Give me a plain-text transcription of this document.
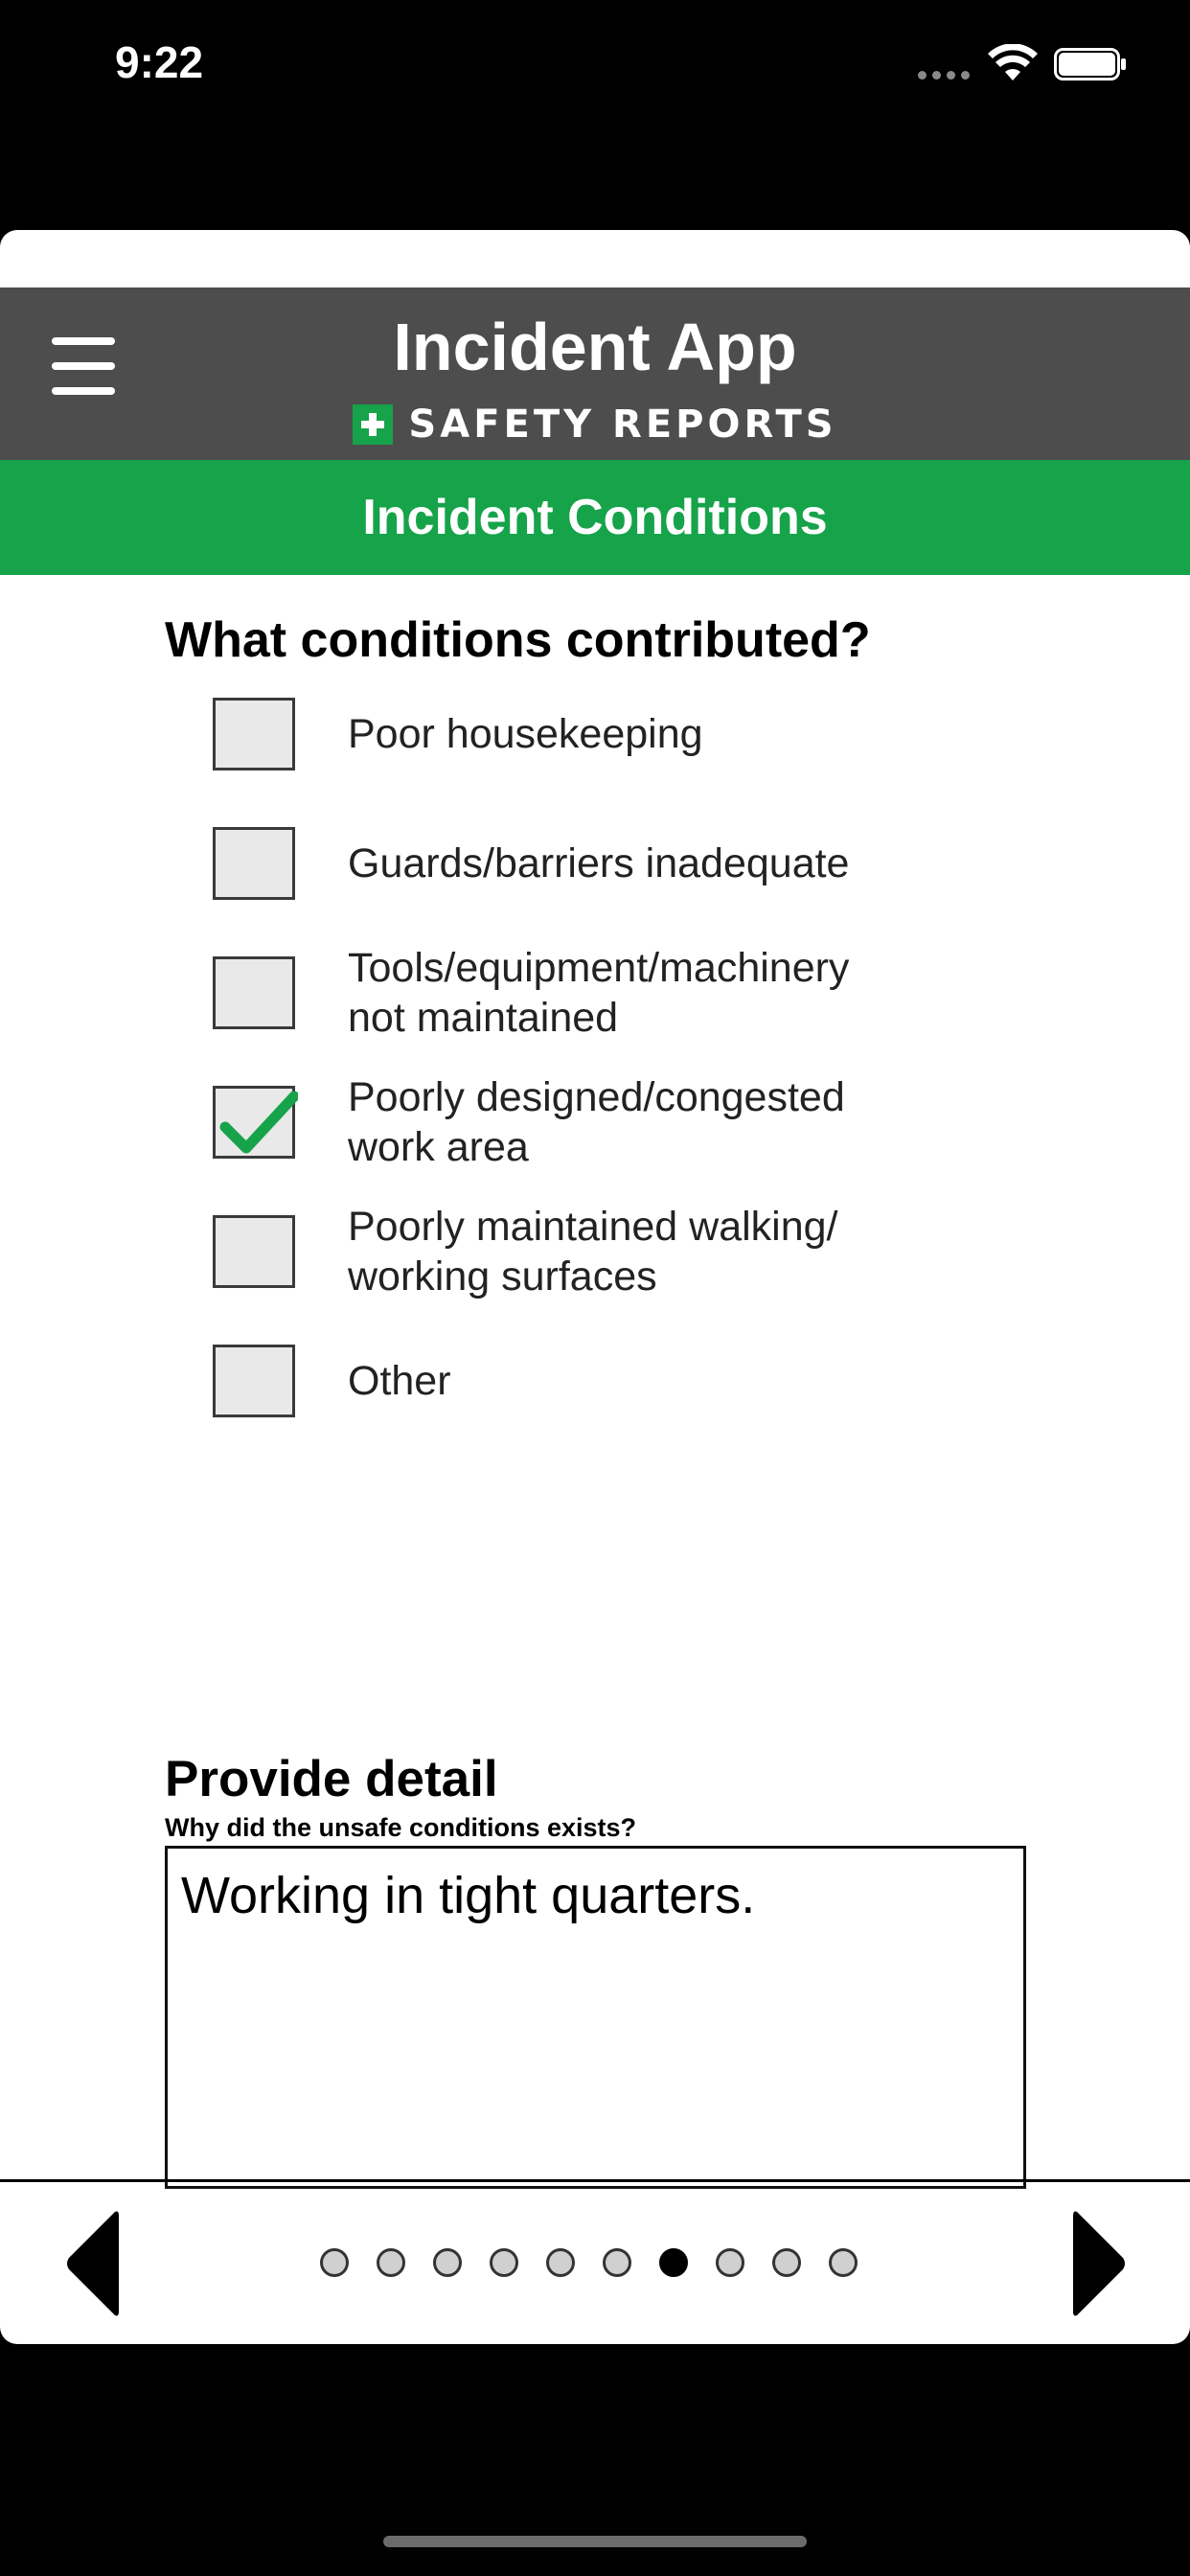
9:22
Incident App
SAFETY REPORTS
Incident Conditions
What conditions contributed?
Poor housekeeping
Guards/barriers inadequate
Tools/equipment/machinery
not maintained
Poorly designed/congested
work area
Poorly maintained walking/
working surfaces
Other
Provide detail
Why did the unsafe conditions exists?
Working in tight quarters.
